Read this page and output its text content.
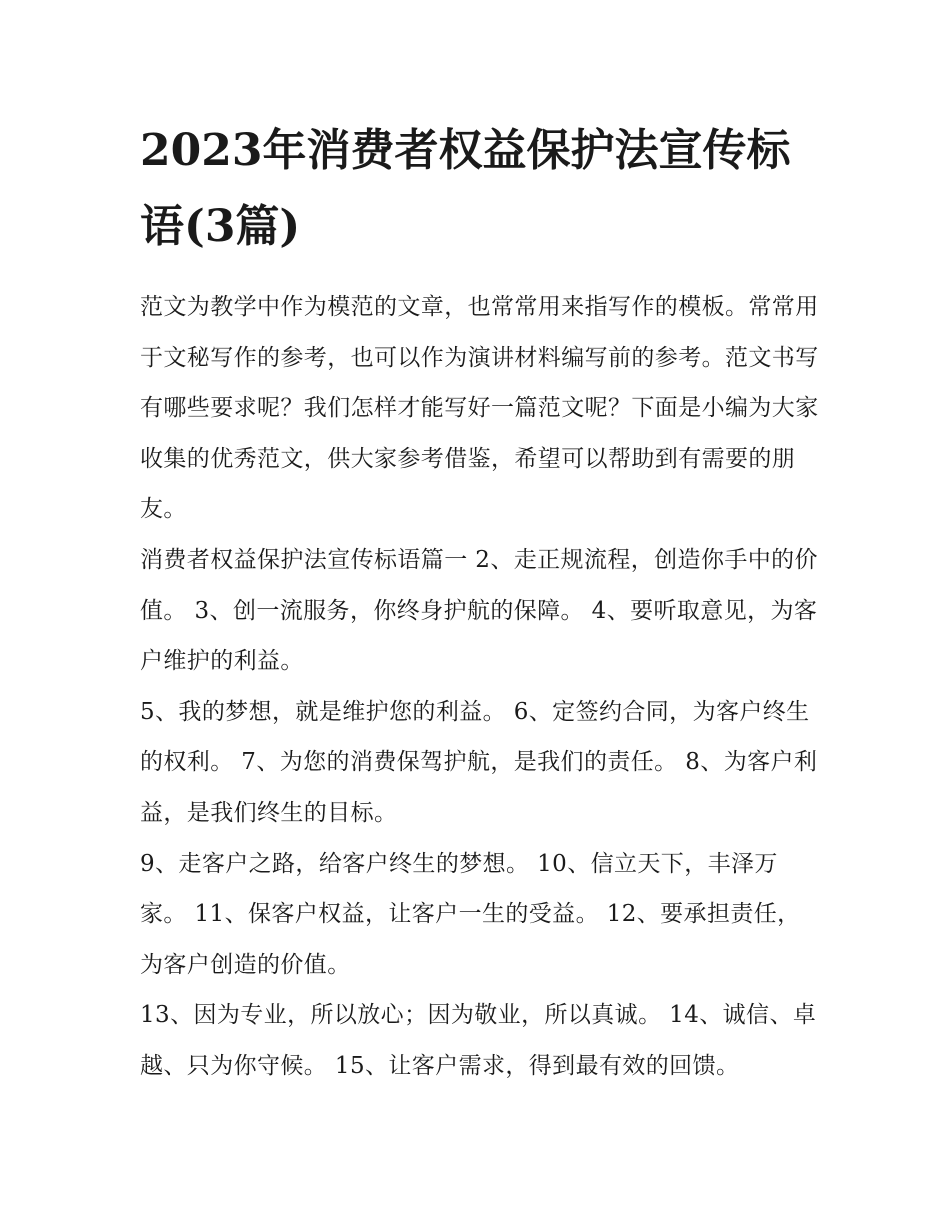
2023年消费者权益保护法宣传标语(3篇)

范文为教学中作为模范的文章，也常常用来指写作的模板。常常用于文秘写作的参考，也可以作为演讲材料编写前的参考。范文书写有哪些要求呢？我们怎样才能写好一篇范文呢？下面是小编为大家收集的优秀范文，供大家参考借鉴，希望可以帮助到有需要的朋友。

消费者权益保护法宣传标语篇一 2、走正规流程，创造你手中的价值。 3、创一流服务，你终身护航的保障。 4、要听取意见，为客户维护的利益。

5、我的梦想，就是维护您的利益。 6、定签约合同，为客户终生的权利。 7、为您的消费保驾护航，是我们的责任。 8、为客户利益，是我们终生的目标。

9、走客户之路，给客户终生的梦想。 10、信立天下，丰泽万家。 11、保客户权益，让客户一生的受益。 12、要承担责任，为客户创造的价值。

13、因为专业，所以放心；因为敬业，所以真诚。 14、诚信、卓越、只为你守候。 15、让客户需求，得到最有效的回馈。
